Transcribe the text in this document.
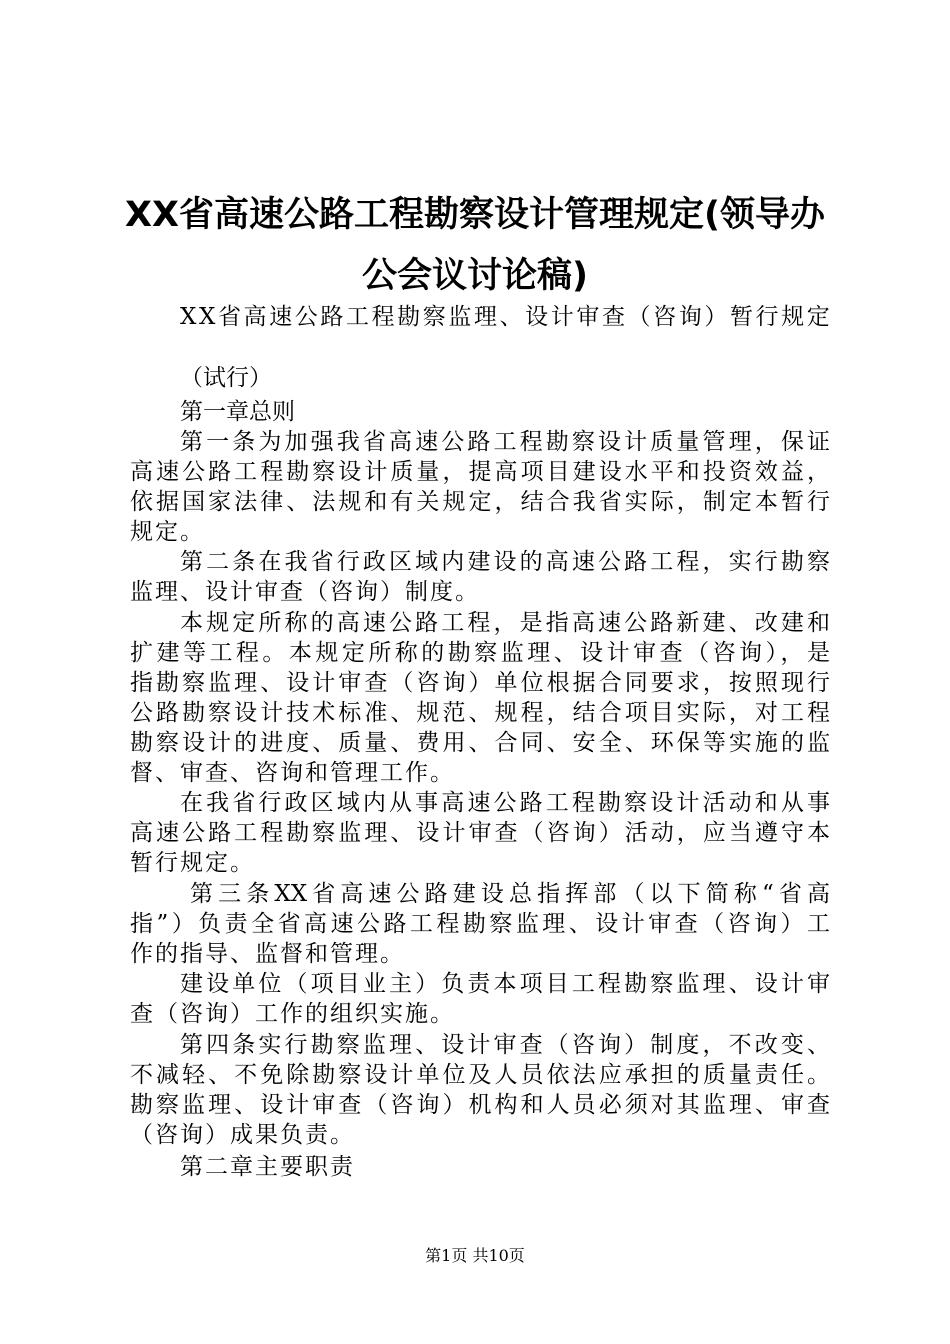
XX省高速公路工程勘察设计管理规定(领导办
公会议讨论稿)
XX省高速公路工程勘察监理、设计审查（咨询）暂行规定
（试行）
第一章总则
第一条为加强我省高速公路工程勘察设计质量管理，保证
高速公路工程勘察设计质量，提高项目建设水平和投资效益，
依据国家法律、法规和有关规定，结合我省实际，制定本暂行
规定。
第二条在我省行政区域内建设的高速公路工程，实行勘察
监理、设计审查（咨询）制度。
本规定所称的高速公路工程，是指高速公路新建、改建和
扩建等工程。本规定所称的勘察监理、设计审查（咨询），是
指勘察监理、设计审查（咨询）单位根据合同要求，按照现行
公路勘察设计技术标准、规范、规程，结合项目实际，对工程
勘察设计的进度、质量、费用、合同、安全、环保等实施的监
督、审查、咨询和管理工作。
在我省行政区域内从事高速公路工程勘察设计活动和从事
高速公路工程勘察监理、设计审查（咨询）活动，应当遵守本
暂行规定。
第三条XX省高速公路建设总指挥部（以下简称“省高
指”）负责全省高速公路工程勘察监理、设计审查（咨询）工
作的指导、监督和管理。
建设单位（项目业主）负责本项目工程勘察监理、设计审
查（咨询）工作的组织实施。
第四条实行勘察监理、设计审查（咨询）制度，不改变、
不减轻、不免除勘察设计单位及人员依法应承担的质量责任。
勘察监理、设计审查（咨询）机构和人员必须对其监理、审查
（咨询）成果负责。
第二章主要职责
第1页 共10页
